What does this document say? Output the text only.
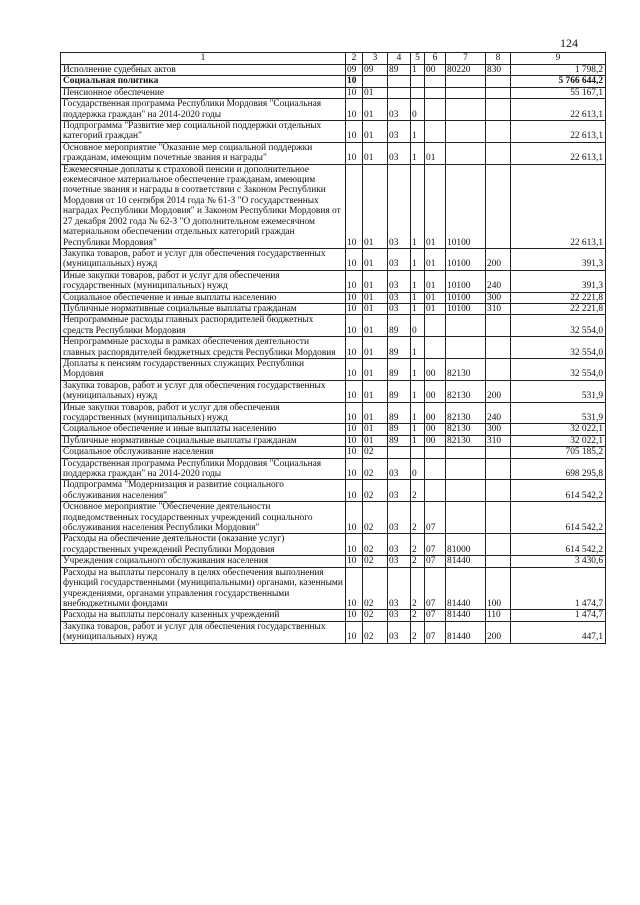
124
1	2	3	4	5	6	7	8	9
Исполнение судебных актов	09	09	89	1	00	80220	830	1 798,2
Социальная политика	10							5 766 644,2
Пенсионное обеспечение	10	01						55 167,1
Государственная программа Республики Мордовия "Социальная поддержка граждан" на 2014-2020 годы	10	01	03	0				22 613,1
Подпрограмма "Развитие мер социальной поддержки отдельных категорий граждан"	10	01	03	1				22 613,1
Основное мероприятие "Оказание мер социальной поддержки гражданам, имеющим почетные звания и награды"	10	01	03	1	01			22 613,1
Ежемесячные доплаты к страховой пенсии и дополнительное ежемесячное материальное обеспечение гражданам, имеющим почетные звания и награды в соответствии с Законом Республики Мордовия от 10 сентября 2014 года № 61-З "О государственных наградах Республики Мордовия" и Законом Республики Мордовия от 27 декабря 2002 года № 62-З "О дополнительном ежемесячном материальном обеспечении отдельных категорий граждан Республики Мордовия"	10	01	03	1	01	10100		22 613,1
Закупка товаров, работ и услуг для обеспечения государственных (муниципальных) нужд	10	01	03	1	01	10100	200	391,3
Иные закупки товаров, работ и услуг для обеспечения государственных (муниципальных) нужд	10	01	03	1	01	10100	240	391,3
Социальное обеспечение и иные выплаты населению	10	01	03	1	01	10100	300	22 221,8
Публичные нормативные социальные выплаты гражданам	10	01	03	1	01	10100	310	22 221,8
Непрограммные расходы главных распорядителей бюджетных средств Республики Мордовия	10	01	89	0				32 554,0
Непрограммные расходы в рамках обеспечения деятельности главных распорядителей бюджетных средств Республики Мордовия	10	01	89	1				32 554,0
Доплаты к пенсиям государственных служащих Республики Мордовия	10	01	89	1	00	82130		32 554,0
Закупка товаров, работ и услуг для обеспечения государственных (муниципальных) нужд	10	01	89	1	00	82130	200	531,9
Иные закупки товаров, работ и услуг для обеспечения государственных (муниципальных) нужд	10	01	89	1	00	82130	240	531,9
Социальное обеспечение и иные выплаты населению	10	01	89	1	00	82130	300	32 022,1
Публичные нормативные социальные выплаты гражданам	10	01	89	1	00	82130	310	32 022,1
Социальное обслуживание населения	10	02						705 185,2
Государственная программа Республики Мордовия "Социальная поддержка граждан" на 2014-2020 годы	10	02	03	0				698 295,8
Подпрограмма "Модернизация и развитие социального обслуживания населения"	10	02	03	2				614 542,2
Основное мероприятие "Обеспечение деятельности подведомственных государственных учреждений социального обслуживания населения Республики Мордовия"	10	02	03	2	07			614 542,2
Расходы на обеспечение деятельности (оказание услуг) государственных учреждений Республики Мордовия	10	02	03	2	07	81000		614 542,2
Учреждения социального обслуживания населения	10	02	03	2	07	81440		3 430,6
Расходы на выплаты персоналу в целях обеспечения выполнения функций государственными (муниципальными) органами, казенными учреждениями, органами управления государственными внебюджетными фондами	10	02	03	2	07	81440	100	1 474,7
Расходы на выплаты персоналу казенных учреждений	10	02	03	2	07	81440	110	1 474,7
Закупка товаров, работ и услуг для обеспечения государственных (муниципальных) нужд	10	02	03	2	07	81440	200	447,1
